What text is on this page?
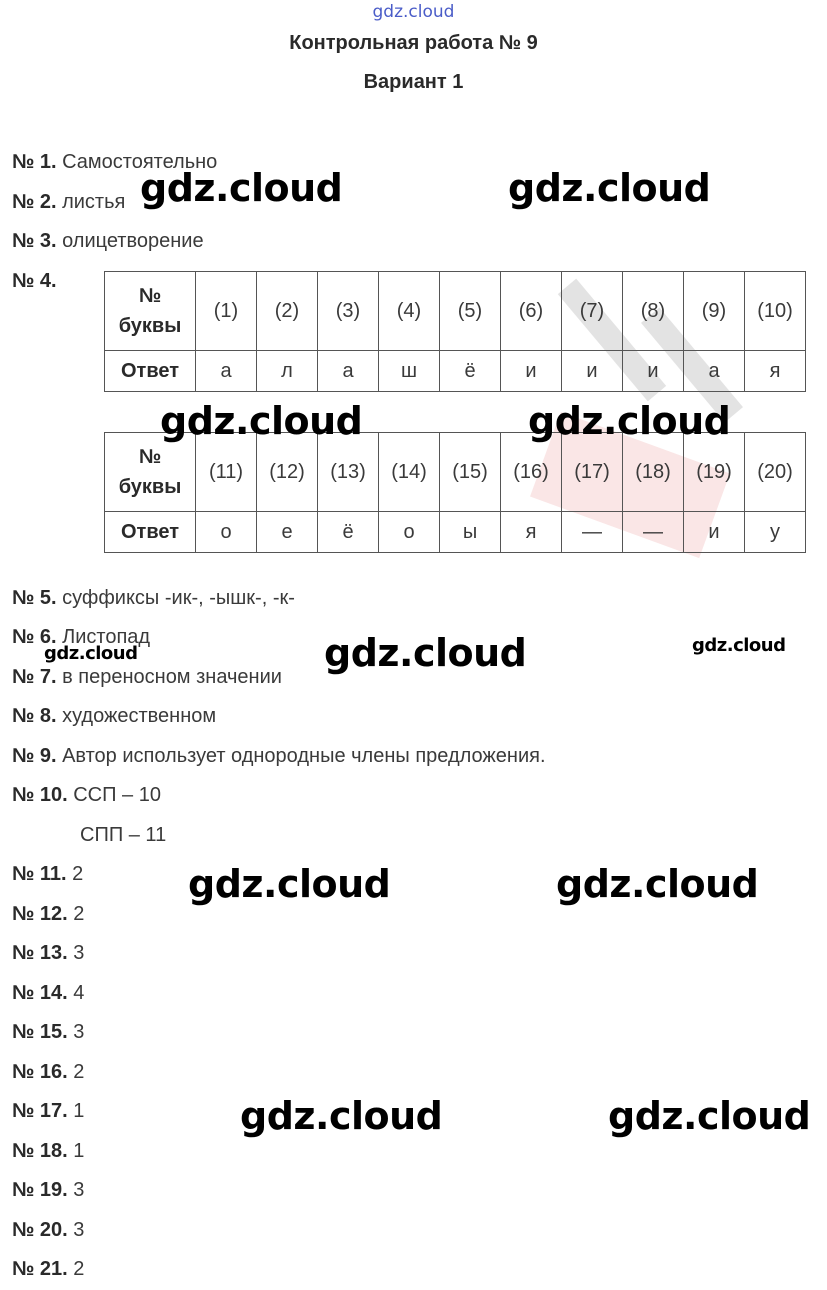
gdz.cloud
Контрольная работа № 9
Вариант 1
№ 1. Самостоятельно
№ 2. листья
№ 3. олицетворение
№ 4.
№ 5. суффиксы -ик-, -ышк-, -к-
№ 6. Листопад
№ 7. в переносном значении
№ 8. художественном
№ 9. Автор использует однородные члены предложения.
№ 10. ССП – 10
СПП – 11
№ 11. 2
№ 12. 2
№ 13. 3
№ 14. 4
№ 15. 3
№ 16. 2
№ 17. 1
№ 18. 1
№ 19. 3
№ 20. 3
№ 21. 2
№
буквы	(1)	(2)	(3)	(4)	(5)	(6)	(7)	(8)	(9)	(10)
Ответ	а	л	а	ш	ё	и	и	и	а	я
№
буквы	(11)	(12)	(13)	(14)	(15)	(16)	(17)	(18)	(19)	(20)
Ответ	о	е	ё	о	ы	я	—	—	и	у
gdz.cloud	gdz.cloud
gdz.cloud	gdz.cloud
gdz.cloud	gdz.cloud	gdz.cloud
gdz.cloud	gdz.cloud
gdz.cloud	gdz.cloud
